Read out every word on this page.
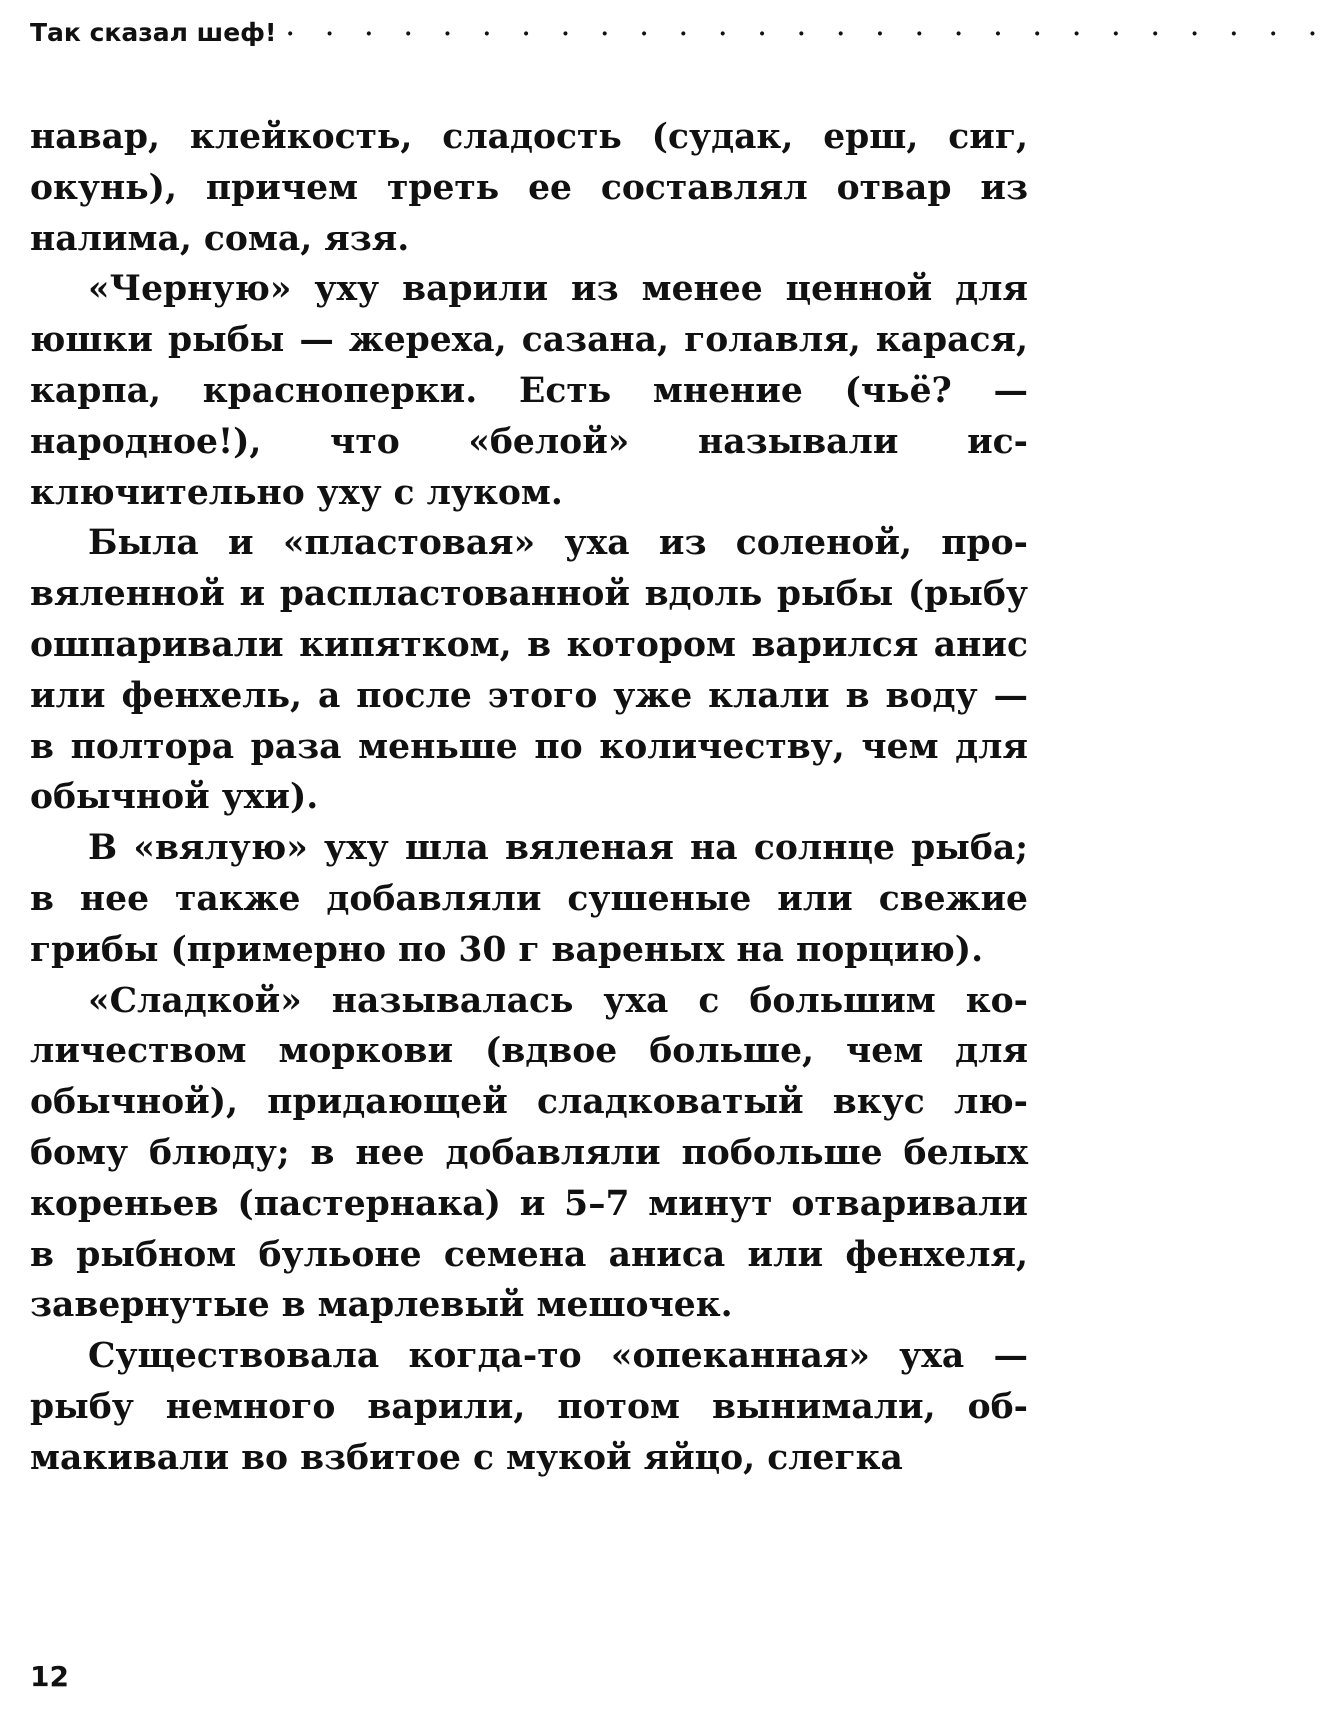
Так сказал шеф! · · · · · · · · · · · · · · · · · · · · · · · · · · ·

навар, клейкость, сладость (судак, ерш, сиг, окунь), причем треть ее составлял отвар из налима, сома, язя.

«Черную» уху варили из менее ценной для юшки рыбы — жереха, сазана, голавля, карася, карпа, красноперки. Есть мнение (чьё? — народное!), что «белой» называли исключительно уху с луком.

Была и «пластовая» уха из соленой, провяленной и распластованной вдоль рыбы (рыбу ошпаривали кипятком, в котором варился анис или фенхель, а после этого уже клали в воду — в полтора раза меньше по количеству, чем для обычной ухи).

В «вялую» уху шла вяленая на солнце рыба; в нее также добавляли сушеные или свежие грибы (примерно по 30 г вареных на порцию).

«Сладкой» называлась уха с большим количеством моркови (вдвое больше, чем для обычной), придающей сладковатый вкус любому блюду; в нее добавляли побольше белых кореньев (пастернака) и 5–7 минут отваривали в рыбном бульоне семена аниса или фенхеля, завернутые в марлевый мешочек.

Существовала когда-то «опеканная» уха — рыбу немного варили, потом вынимали, обмакивали во взбитое с мукой яйцо, слегка

12
